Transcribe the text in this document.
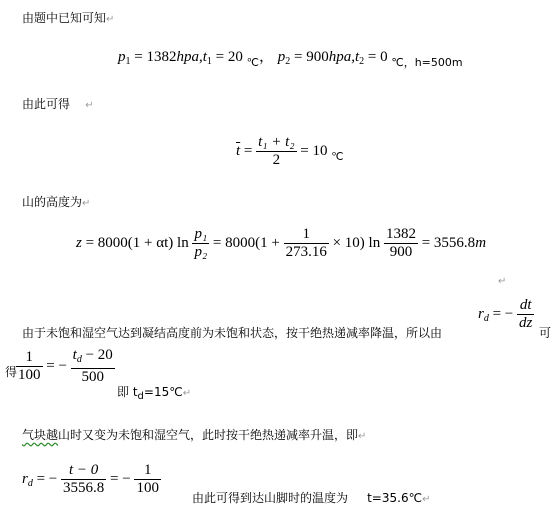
由题中已知可知↵
$p_1 = 1382hpa,t_1 = 20$ $_℃$， $p_2 = 900hpa,t_2 = 0$ $_{℃,h=500m}$
由此可得 ↵
$\overline{t} = \frac{\text{t₁ + t₂}}{2} = 10$ $_℃$
山的高度为↵
z = 8000(1 + αt) $\ln \frac{\text{p₁}}{\text{p₂}} = 8000(1 + \frac{1}{273.16} \times 10)$ $\ln \frac{1382}{900} = 3556.8m$
↵
$r_d$ = − $\frac{dt}{dz}$
由于未饱和湿空气达到凝结高度前为未饱和状态，按干绝热递减率降温，所以由	可
得
$\frac{1}{100}$ = − $\frac{t_d - 20}{500}$
即 $t_d=15℃↵$
气块越山时又变为未饱和湿空气，此时按干绝热递减率升温，即↵
$r_d$ = − $\frac{t - 0}{3556.8}$ = − $\frac{1}{100}$
由此可得到达山脚时的温度为 t=35.6℃↵
